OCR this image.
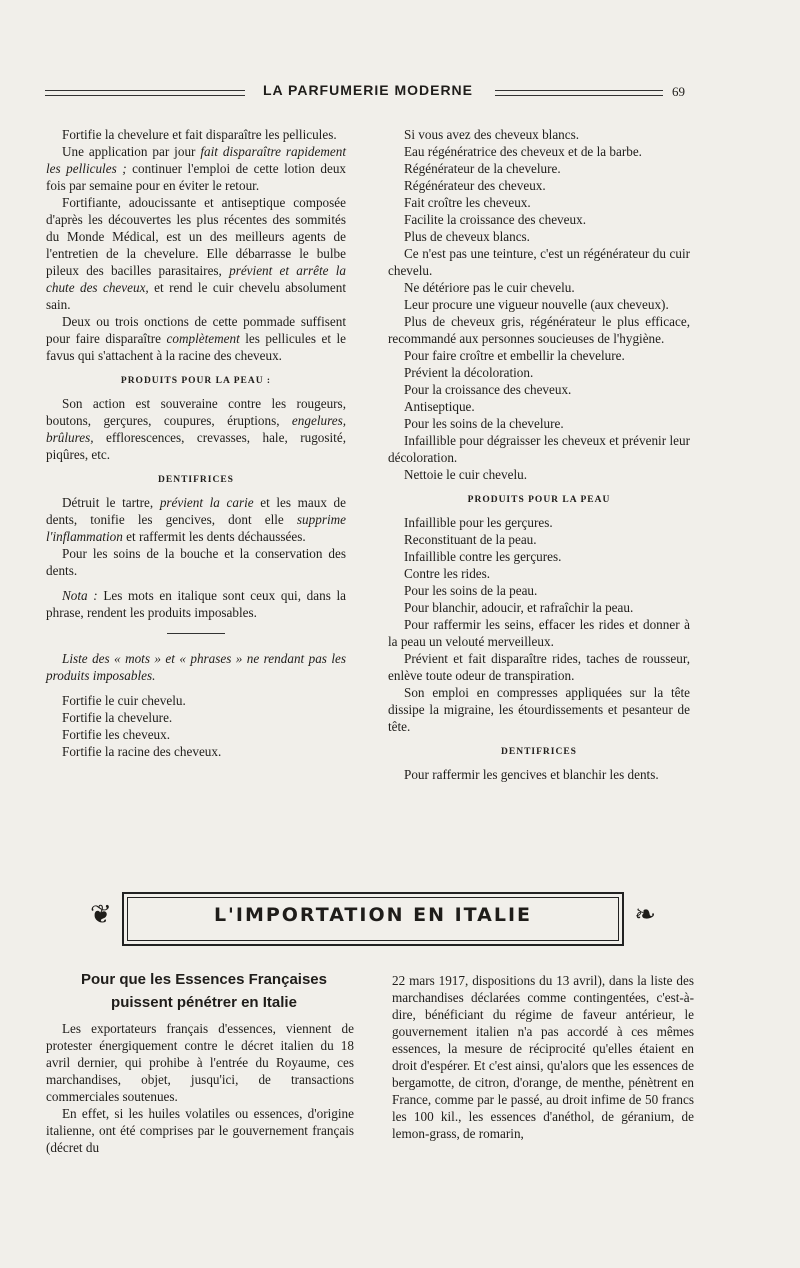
LA PARFUMERIE MODERNE	69

Fortifie la chevelure et fait disparaître les pellicules.

Une application par jour fait disparaître rapidement les pellicules ; continuer l'emploi de cette lotion deux fois par semaine pour en éviter le retour.

Fortifiante, adoucissante et antiseptique composée d'après les découvertes les plus récentes des sommités du Monde Médical, est un des meilleurs agents de l'entretien de la chevelure. Elle débarrasse le bulbe pileux des bacilles parasitaires, prévient et arrête la chute des cheveux, et rend le cuir chevelu absolument sain.

Deux ou trois onctions de cette pommade suffisent pour faire disparaître complètement les pellicules et le favus qui s'attachent à la racine des cheveux.

PRODUITS POUR LA PEAU :

Son action est souveraine contre les rougeurs, boutons, gerçures, coupures, éruptions, engelures, brûlures, efflorescences, crevasses, hale, rugosité, piqûres, etc.

DENTIFRICES

Détruit le tartre, prévient la carie et les maux de dents, tonifie les gencives, dont elle supprime l'inflammation et raffermit les dents déchaussées.

Pour les soins de la bouche et la conservation des dents.

Nota : Les mots en italique sont ceux qui, dans la phrase, rendent les produits imposables.

Liste des « mots » et « phrases » ne rendant pas les produits imposables.

Fortifie le cuir chevelu.

Fortifie la chevelure.

Fortifie les cheveux.

Fortifie la racine des cheveux.

Si vous avez des cheveux blancs.

Eau régénératrice des cheveux et de la barbe.

Régénérateur de la chevelure.

Régénérateur des cheveux.

Fait croître les cheveux.

Facilite la croissance des cheveux.

Plus de cheveux blancs.

Ce n'est pas une teinture, c'est un régénérateur du cuir chevelu.

Ne détériore pas le cuir chevelu.

Leur procure une vigueur nouvelle (aux cheveux).

Plus de cheveux gris, régénérateur le plus efficace, recommandé aux personnes soucieuses de l'hygiène.

Pour faire croître et embellir la chevelure.

Prévient la décoloration.

Pour la croissance des cheveux.

Antiseptique.

Pour les soins de la chevelure.

Infaillible pour dégraisser les cheveux et prévenir leur décoloration.

Nettoie le cuir chevelu.

PRODUITS POUR LA PEAU

Infaillible pour les gerçures.

Reconstituant de la peau.

Infaillible contre les gerçures.

Contre les rides.

Pour les soins de la peau.

Pour blanchir, adoucir, et rafraîchir la peau.

Pour raffermir les seins, effacer les rides et donner à la peau un velouté merveilleux.

Prévient et fait disparaître rides, taches de rousseur, enlève toute odeur de transpiration.

Son emploi en compresses appliquées sur la tête dissipe la migraine, les étourdissements et pesanteur de tête.

DENTIFRICES

Pour raffermir les gencives et blanchir les dents.

❦	L'IMPORTATION EN ITALIE	❧
Pour que les Essences Françaises
puissent pénétrer en Italie

Les exportateurs français d'essences, viennent de protester énergiquement contre le décret italien du 18 avril dernier, qui prohibe à l'entrée du Royaume, ces marchandises, objet, jusqu'ici, de transactions commerciales soutenues.

En effet, si les huiles volatiles ou essences, d'origine italienne, ont été comprises par le gouvernement français (décret du

22 mars 1917, dispositions du 13 avril), dans la liste des marchandises déclarées comme contingentées, c'est-à-dire, bénéficiant du régime de faveur antérieur, le gouvernement italien n'a pas accordé à ces mêmes essences, la mesure de réciprocité qu'elles étaient en droit d'espérer. Et c'est ainsi, qu'alors que les essences de bergamotte, de citron, d'orange, de menthe, pénètrent en France, comme par le passé, au droit infime de 50 francs les 100 kil., les essences d'anéthol, de géranium, de lemon-grass, de romarin,
